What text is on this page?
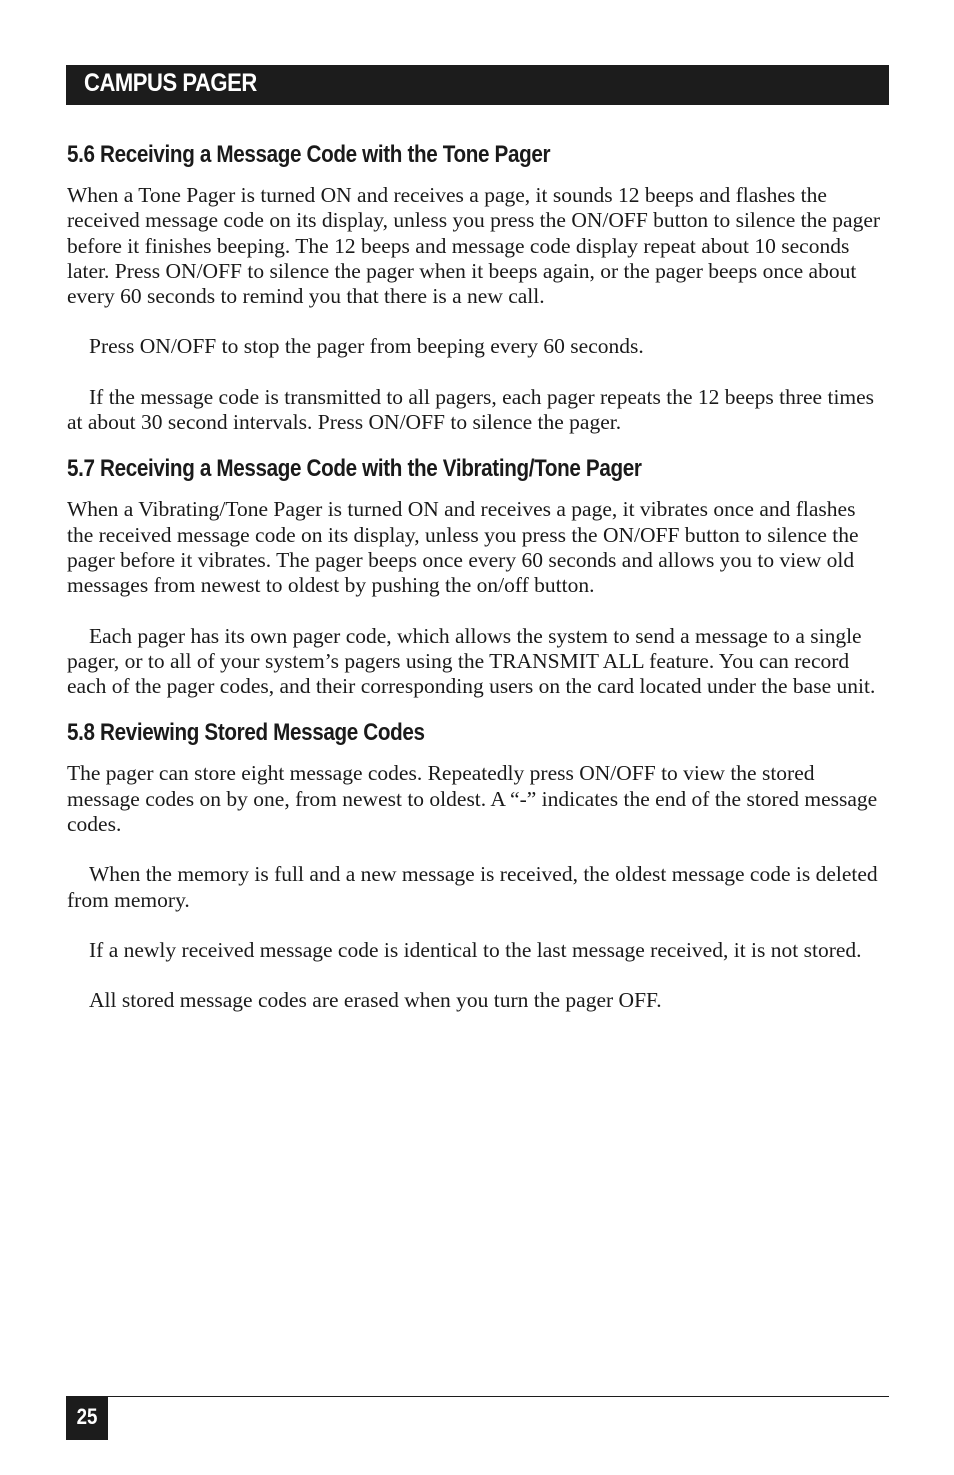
CAMPUS PAGER
5.6 Receiving a Message Code with the Tone Pager

When a Tone Pager is turned ON and receives a page, it sounds 12 beeps and flashes the received message code on its display, unless you press the ON/OFF button to silence the pager before it finishes beeping. The 12 beeps and message code display repeat about 10 seconds later. Press ON/OFF to silence the pager when it beeps again, or the pager beeps once about every 60 seconds to remind you that there is a new call.

Press ON/OFF to stop the pager from beeping every 60 seconds.

If the message code is transmitted to all pagers, each pager repeats the 12 beeps three times at about 30 second intervals. Press ON/OFF to silence the pager.

5.7 Receiving a Message Code with the Vibrating/Tone Pager

When a Vibrating/Tone Pager is turned ON and receives a page, it vibrates once and flashes the received message code on its display, unless you press the ON/OFF button to silence the pager before it vibrates. The pager beeps once every 60 seconds and allows you to view old messages from newest to oldest by pushing the on/off button.

Each pager has its own pager code, which allows the system to send a message to a single pager, or to all of your system’s pagers using the TRANSMIT ALL feature. You can record each of the pager codes, and their corresponding users on the card located under the base unit.

5.8 Reviewing Stored Message Codes

The pager can store eight message codes. Repeatedly press ON/OFF to view the stored message codes on by one, from newest to oldest. A “-” indicates the end of the stored message codes.

When the memory is full and a new message is received, the oldest message code is deleted from memory.

If a newly received message code is identical to the last message received, it is not stored.

All stored message codes are erased when you turn the pager OFF.

25
